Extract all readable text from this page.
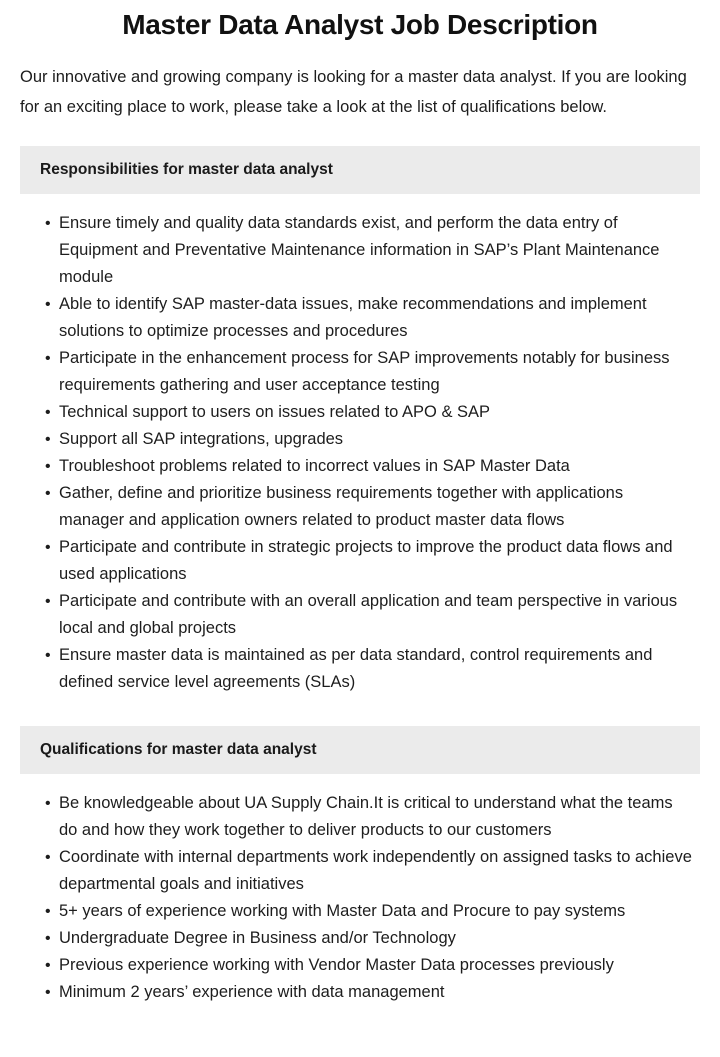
Master Data Analyst Job Description

Our innovative and growing company is looking for a master data analyst. If you are looking for an exciting place to work, please take a look at the list of qualifications below.

Responsibilities for master data analyst
• Ensure timely and quality data standards exist, and perform the data entry of Equipment and Preventative Maintenance information in SAP’s Plant Maintenance module
• Able to identify SAP master-data issues, make recommendations and implement solutions to optimize processes and procedures
• Participate in the enhancement process for SAP improvements notably for business requirements gathering and user acceptance testing
• Technical support to users on issues related to APO & SAP
• Support all SAP integrations, upgrades
• Troubleshoot problems related to incorrect values in SAP Master Data
• Gather, define and prioritize business requirements together with applications manager and application owners related to product master data flows
• Participate and contribute in strategic projects to improve the product data flows and used applications
• Participate and contribute with an overall application and team perspective in various local and global projects
• Ensure master data is maintained as per data standard, control requirements and defined service level agreements (SLAs)
Qualifications for master data analyst
• Be knowledgeable about UA Supply Chain.It is critical to understand what the teams do and how they work together to deliver products to our customers
• Coordinate with internal departments work independently on assigned tasks to achieve departmental goals and initiatives
• 5+ years of experience working with Master Data and Procure to pay systems
• Undergraduate Degree in Business and/or Technology
• Previous experience working with Vendor Master Data processes previously
• Minimum 2 years’ experience with data management
